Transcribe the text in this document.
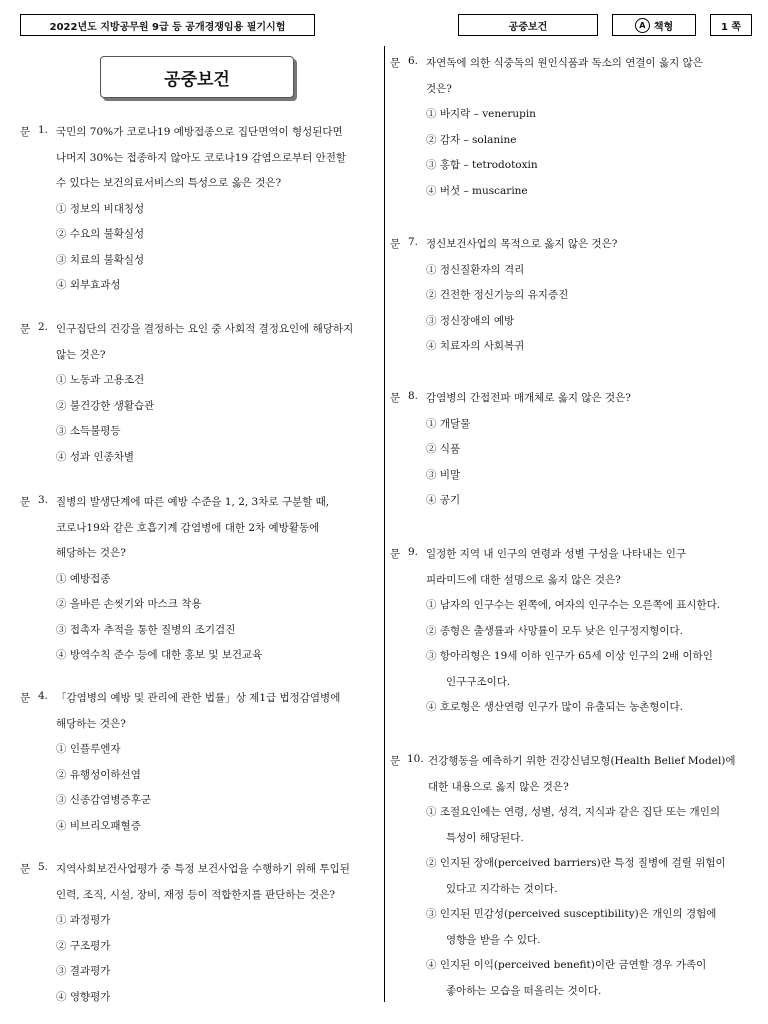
2022년도 지방공무원 9급 등 공개경쟁임용 필기시험	공중보건	A 책형	1 쪽
공중보건
문 1. 국민의 70%가 코로나19 예방접종으로 집단면역이 형성된다면
나머지 30%는 접종하지 않아도 코로나19 감염으로부터 안전할
수 있다는 보건의료서비스의 특성으로 옳은 것은?
① 정보의 비대칭성
② 수요의 불확실성
③ 치료의 불확실성
④ 외부효과성
문 2. 인구집단의 건강을 결정하는 요인 중 사회적 결정요인에 해당하지
않는 것은?
① 노동과 고용조건
② 불건강한 생활습관
③ 소득불평등
④ 성과 인종차별
문 3. 질병의 발생단계에 따른 예방 수준을 1, 2, 3차로 구분할 때,
코로나19와 같은 호흡기계 감염병에 대한 2차 예방활동에
해당하는 것은?
① 예방접종
② 올바른 손씻기와 마스크 착용
③ 접촉자 추적을 통한 질병의 조기검진
④ 방역수칙 준수 등에 대한 홍보 및 보건교육
문 4. 「감염병의 예방 및 관리에 관한 법률」상 제1급 법정감염병에
해당하는 것은?
① 인플루엔자
② 유행성이하선염
③ 신종감염병증후군
④ 비브리오패혈증
문 5. 지역사회보건사업평가 중 특정 보건사업을 수행하기 위해 투입된
인력, 조직, 시설, 장비, 재정 등이 적합한지를 판단하는 것은?
① 과정평가
② 구조평가
③ 결과평가
④ 영향평가
문 6. 자연독에 의한 식중독의 원인식품과 독소의 연결이 옳지 않은
것은?
① 바지락 – venerupin
② 감자 – solanine
③ 홍합 – tetrodotoxin
④ 버섯 – muscarine
문 7. 정신보건사업의 목적으로 옳지 않은 것은?
① 정신질환자의 격리
② 건전한 정신기능의 유지증진
③ 정신장애의 예방
④ 치료자의 사회복귀
문 8. 감염병의 간접전파 매개체로 옳지 않은 것은?
① 개달물
② 식품
③ 비말
④ 공기
문 9. 일정한 지역 내 인구의 연령과 성별 구성을 나타내는 인구
피라미드에 대한 설명으로 옳지 않은 것은?
① 남자의 인구수는 왼쪽에, 여자의 인구수는 오른쪽에 표시한다.
② 종형은 출생률과 사망률이 모두 낮은 인구정지형이다.
③ 항아리형은 19세 이하 인구가 65세 이상 인구의 2배 이하인
인구구조이다.
④ 호로형은 생산연령 인구가 많이 유출되는 농촌형이다.
문 10. 건강행동을 예측하기 위한 건강신념모형(Health Belief Model)에
대한 내용으로 옳지 않은 것은?
① 조절요인에는 연령, 성별, 성격, 지식과 같은 집단 또는 개인의
특성이 해당된다.
② 인지된 장애(perceived barriers)란 특정 질병에 걸릴 위험이
있다고 지각하는 것이다.
③ 인지된 민감성(perceived susceptibility)은 개인의 경험에
영향을 받을 수 있다.
④ 인지된 이익(perceived benefit)이란 금연할 경우 가족이
좋아하는 모습을 떠올리는 것이다.
